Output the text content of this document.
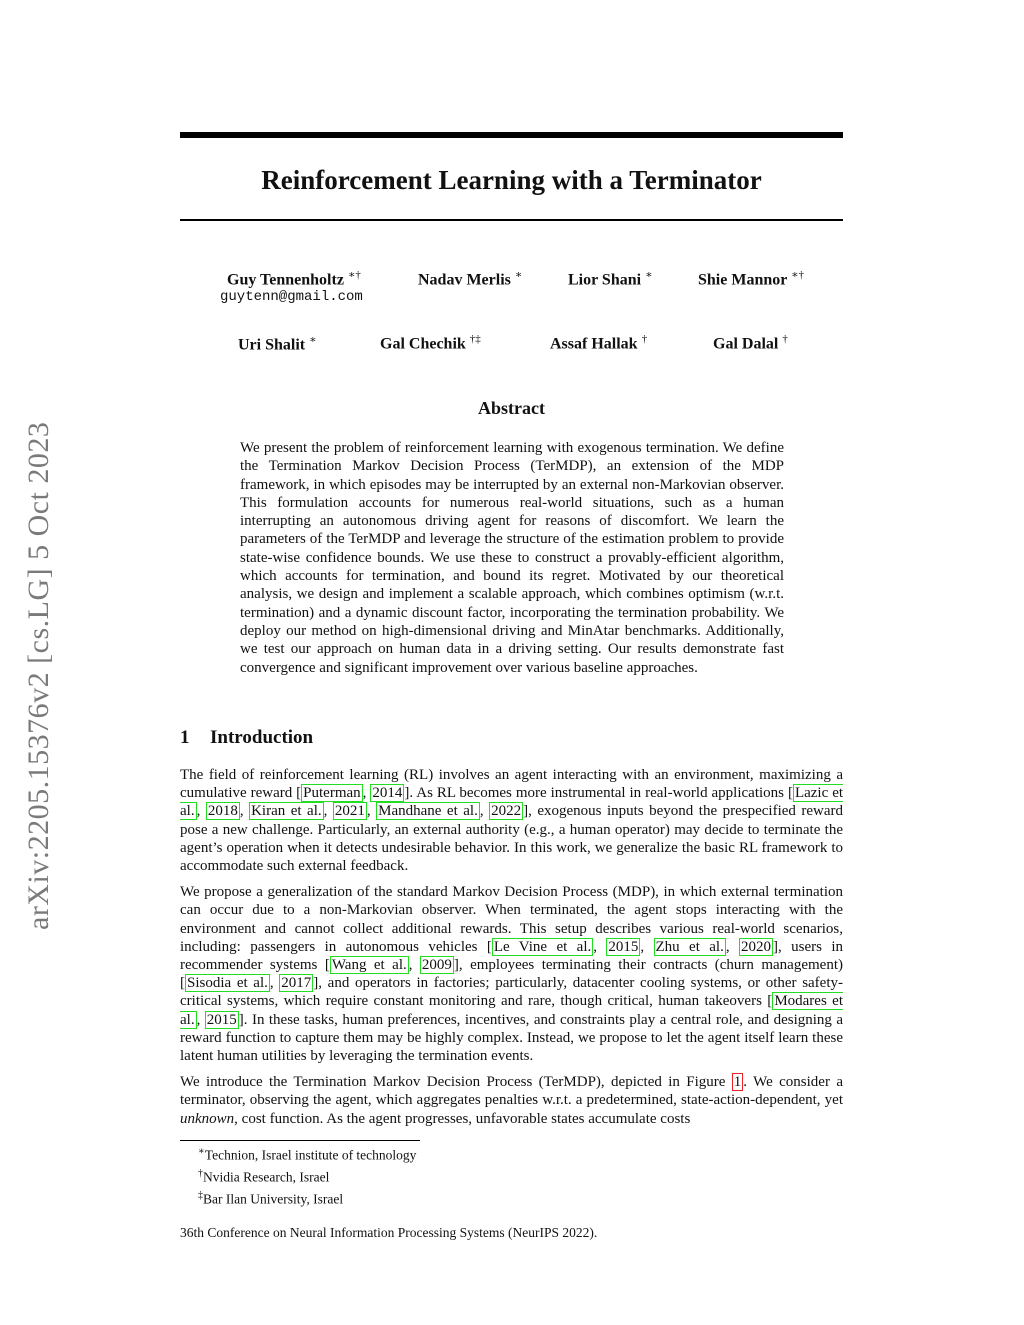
arXiv:2205.15376v2 [cs.LG] 5 Oct 2023
Reinforcement Learning with a Terminator
Guy Tennenholtz ∗†
guytenn@gmail.com
Nadav Merlis ∗	Lior Shani ∗	Shie Mannor ∗†
Uri Shalit ∗	Gal Chechik †‡	Assaf Hallak †	Gal Dalal †
Abstract
We present the problem of reinforcement learning with exogenous termination. We define the Termination Markov Decision Process (TerMDP), an extension of the MDP framework, in which episodes may be interrupted by an external non-Markovian observer. This formulation accounts for numerous real-world situations, such as a human interrupting an autonomous driving agent for reasons of discomfort. We learn the parameters of the TerMDP and leverage the structure of the estimation problem to provide state-wise confidence bounds. We use these to construct a provably-efficient algorithm, which accounts for termination, and bound its regret. Motivated by our theoretical analysis, we design and implement a scalable approach, which combines optimism (w.r.t. termination) and a dynamic discount factor, incorporating the termination probability. We deploy our method on high-dimensional driving and MinAtar benchmarks. Additionally, we test our approach on human data in a driving setting. Our results demonstrate fast convergence and significant improvement over various baseline approaches.
1 Introduction

The field of reinforcement learning (RL) involves an agent interacting with an environment, maximizing a cumulative reward [ Puterman , 2014 ]. As RL becomes more instrumental in real-world applications [ Lazic et al. , 2018 , Kiran et al. , 2021 , Mandhane et al. , 2022 ], exogenous inputs beyond the prespecified reward pose a new challenge. Particularly, an external authority (e.g., a human operator) may decide to terminate the agent’s operation when it detects undesirable behavior. In this work, we generalize the basic RL framework to accommodate such external feedback.

We propose a generalization of the standard Markov Decision Process (MDP), in which external termination can occur due to a non-Markovian observer. When terminated, the agent stops interacting with the environment and cannot collect additional rewards. This setup describes various real-world scenarios, including: passengers in autonomous vehicles [ Le Vine et al. , 2015 , Zhu et al. , 2020 ], users in recommender systems [ Wang et al. , 2009 ], employees terminating their contracts (churn management) [ Sisodia et al. , 2017 ], and operators in factories; particularly, datacenter cooling systems, or other safety-critical systems, which require constant monitoring and rare, though critical, human takeovers [ Modares et al. , 2015 ]. In these tasks, human preferences, incentives, and constraints play a central role, and designing a reward function to capture them may be highly complex. Instead, we propose to let the agent itself learn these latent human utilities by leveraging the termination events.

We introduce the Termination Markov Decision Process (TerMDP), depicted in Figure 1 . We consider a terminator, observing the agent, which aggregates penalties w.r.t. a predetermined, state-action-dependent, yet unknown, cost function. As the agent progresses, unfavorable states accumulate costs

∗Technion, Israel institute of technology
†Nvidia Research, Israel
‡Bar Ilan University, Israel
36th Conference on Neural Information Processing Systems (NeurIPS 2022).
